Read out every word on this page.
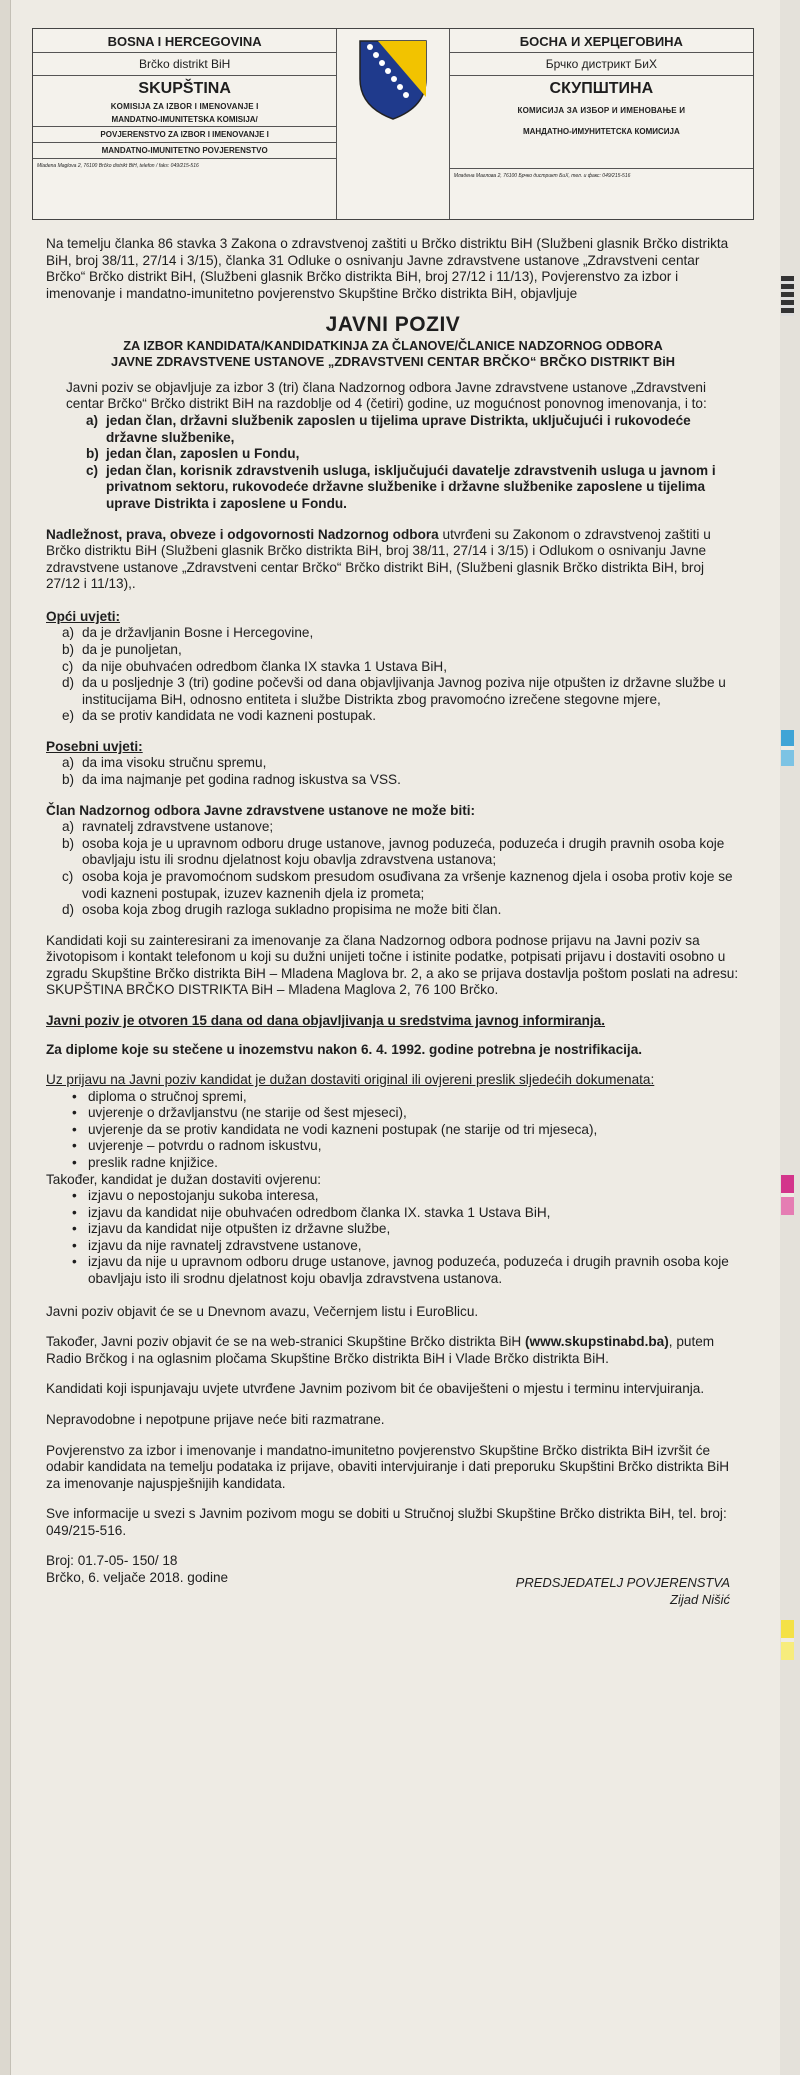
BOSNA I HERCEGOVINA
Brčko distrikt BiH
SKUPŠTINA
KOMISIJA ZA IZBOR I IMENOVANJE I
MANDATNO-IMUNITETSKA KOMISIJA/
POVJERENSTVO ZA IZBOR I IMENOVANJE I
MANDATNO-IMUNITETNO POVJERENSTVO
Mladena Maglova 2, 76100 Brčko distrikt BiH, telefon / faks: 049/215-516
БОСНА И ХЕРЦЕГОВИНА
Брчко дистрикт БиХ
СКУПШТИНА
КОМИСИЈА ЗА ИЗБОР И ИМЕНОВАЊЕ И
МАНДАТНО-ИМУНИТЕТСКА КОМИСИЈА
Младена Маглова 2, 76100 Брчко дистрикт БиХ, тел. и факс: 049/215-516

Na temelju članka 86 stavka 3 Zakona o zdravstvenoj zaštiti u Brčko distriktu BiH (Službeni glasnik Brčko distrikta BiH, broj 38/11, 27/14 i 3/15), članka 31 Odluke o osnivanju Javne zdravstvene ustanove „Zdravstveni centar Brčko“ Brčko distrikt BiH, (Službeni glasnik Brčko distrikta BiH, broj 27/12 i 11/13), Povjerenstvo za izbor i imenovanje i mandatno-imunitetno povjerenstvo Skupštine Brčko distrikta BiH, objavljuje

JAVNI POZIV
ZA IZBOR KANDIDATA/KANDIDATKINJA ZA ČLANOVE/ČLANICE NADZORNOG ODBORA
JAVNE ZDRAVSTVENE USTANOVE „ZDRAVSTVENI CENTAR BRČKO“ BRČKO DISTRIKT BiH

Javni poziv se objavljuje za izbor 3 (tri) člana Nadzornog odbora Javne zdravstvene ustanove „Zdravstveni centar Brčko“ Brčko distrikt BiH na razdoblje od 4 (četiri) godine, uz mogućnost ponovnog imenovanja, i to:

a) jedan član, državni službenik zaposlen u tijelima uprave Distrikta, uključujući i rukovodeće državne službenike,
b) jedan član, zaposlen u Fondu,
c) jedan član, korisnik zdravstvenih usluga, isključujući davatelje zdravstvenih usluga u javnom i privatnom sektoru, rukovodeće državne službenike i državne službenike zaposlene u tijelima uprave Distrikta i zaposlene u Fondu.

Nadležnost, prava, obveze i odgovornosti Nadzornog odbora utvrđeni su Zakonom o zdravstvenoj zaštiti u Brčko distriktu BiH (Službeni glasnik Brčko distrikta BiH, broj 38/11, 27/14 i 3/15) i Odlukom o osnivanju Javne zdravstvene ustanove „Zdravstveni centar Brčko“ Brčko distrikt BiH, (Službeni glasnik Brčko distrikta BiH, broj 27/12 i 11/13),.

Opći uvjeti:
a) da je državljanin Bosne i Hercegovine,
b) da je punoljetan,
c) da nije obuhvaćen odredbom članka IX stavka 1 Ustava BiH,
d) da u posljednje 3 (tri) godine počevši od dana objavljivanja Javnog poziva nije otpušten iz državne službe u institucijama BiH, odnosno entiteta i službe Distrikta zbog pravomoćno izrečene stegovne mjere,
e) da se protiv kandidata ne vodi kazneni postupak.
Posebni uvjeti:
a) da ima visoku stručnu spremu,
b) da ima najmanje pet godina radnog iskustva sa VSS.
Član Nadzornog odbora Javne zdravstvene ustanove ne može biti:
a) ravnatelj zdravstvene ustanove;
b) osoba koja je u upravnom odboru druge ustanove, javnog poduzeća, poduzeća i drugih pravnih osoba koje obavljaju istu ili srodnu djelatnost koju obavlja zdravstvena ustanova;
c) osoba koja je pravomoćnom sudskom presudom osuđivana za vršenje kaznenog djela i osoba protiv koje se vodi kazneni postupak, izuzev kaznenih djela iz prometa;
d) osoba koja zbog drugih razloga sukladno propisima ne može biti član.

Kandidati koji su zainteresirani za imenovanje za člana Nadzornog odbora podnose prijavu na Javni poziv sa životopisom i kontakt telefonom u koji su dužni unijeti točne i istinite podatke, potpisati prijavu i dostaviti osobno u zgradu Skupštine Brčko distrikta BiH – Mladena Maglova br. 2, a ako se prijava dostavlja poštom poslati na adresu: SKUPŠTINA BRČKO DISTRIKTA BiH – Mladena Maglova 2, 76 100 Brčko.

Javni poziv je otvoren 15 dana od dana objavljivanja u sredstvima javnog informiranja.

Za diplome koje su stečene u inozemstvu nakon 6. 4. 1992. godine potrebna je nostrifikacija.

Uz prijavu na Javni poziv kandidat je dužan dostaviti original ili ovjereni preslik sljedećih dokumenata:
• diploma o stručnoj spremi,
• uvjerenje o državljanstvu (ne starije od šest mjeseci),
• uvjerenje da se protiv kandidata ne vodi kazneni postupak (ne starije od tri mjeseca),
• uvjerenje – potvrdu o radnom iskustvu,
• preslik radne knjižice.
Također, kandidat je dužan dostaviti ovjerenu:
• izjavu o nepostojanju sukoba interesa,
• izjavu da kandidat nije obuhvaćen odredbom članka IX. stavka 1 Ustava BiH,
• izjavu da kandidat nije otpušten iz državne službe,
• izjavu da nije ravnatelj zdravstvene ustanove,
• izjavu da nije u upravnom odboru druge ustanove, javnog poduzeća, poduzeća i drugih pravnih osoba koje obavljaju isto ili srodnu djelatnost koju obavlja zdravstvena ustanova.

Javni poziv objavit će se u Dnevnom avazu, Večernjem listu i EuroBlicu.

Također, Javni poziv objavit će se na web-stranici Skupštine Brčko distrikta BiH (www.skupstinabd.ba), putem Radio Brčkog i na oglasnim pločama Skupštine Brčko distrikta BiH i Vlade Brčko distrikta BiH.

Kandidati koji ispunjavaju uvjete utvrđene Javnim pozivom bit će obaviješteni o mjestu i terminu intervjuiranja.

Nepravodobne i nepotpune prijave neće biti razmatrane.

Povjerenstvo za izbor i imenovanje i mandatno-imunitetno povjerenstvo Skupštine Brčko distrikta BiH izvršit će odabir kandidata na temelju podataka iz prijave, obaviti intervjuiranje i dati preporuku Skupštini Brčko distrikta BiH za imenovanje najuspješnijih kandidata.

Sve informacije u svezi s Javnim pozivom mogu se dobiti u Stručnoj službi Skupštine Brčko distrikta BiH, tel. broj: 049/215-516.

Broj: 01.7-05- 150/ 18
Brčko, 6. veljače 2018. godine	PREDSJEDATELJ POVJERENSTVA
Zijad Nišić
